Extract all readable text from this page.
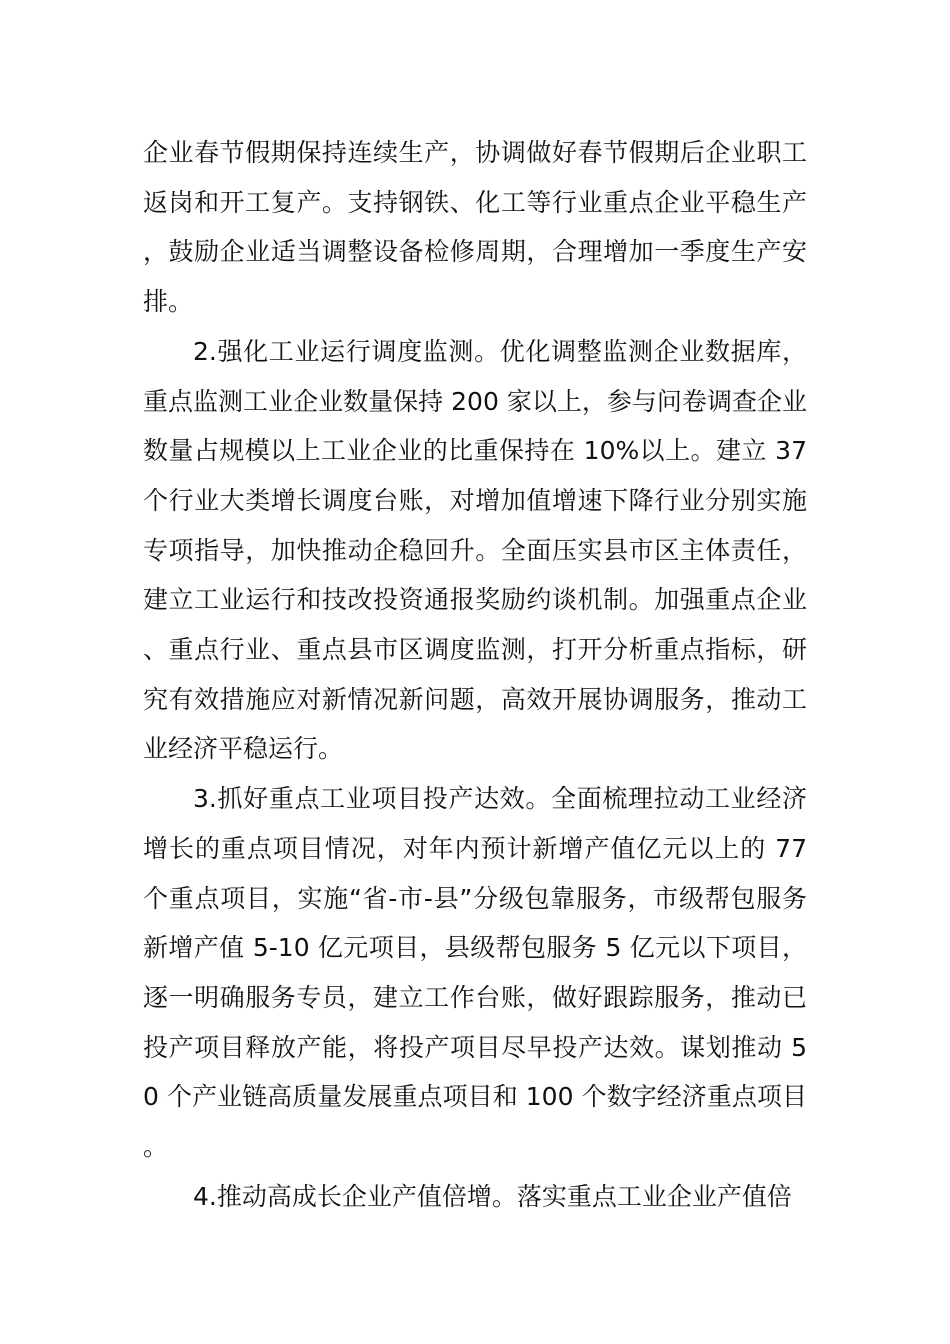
企业春节假期保持连续生产，协调做好春节假期后企业职工返岗和开工复产。支持钢铁、化工等行业重点企业平稳生产，鼓励企业适当调整设备检修周期，合理增加一季度生产安排。

2.强化工业运行调度监测。优化调整监测企业数据库，重点监测工业企业数量保持 200 家以上，参与问卷调查企业数量占规模以上工业企业的比重保持在 10%以上。建立 37 个行业大类增长调度台账，对增加值增速下降行业分别实施专项指导，加快推动企稳回升。全面压实县市区主体责任，建立工业运行和技改投资通报奖励约谈机制。加强重点企业、重点行业、重点县市区调度监测，打开分析重点指标，研究有效措施应对新情况新问题，高效开展协调服务，推动工业经济平稳运行。

3.抓好重点工业项目投产达效。全面梳理拉动工业经济增长的重点项目情况，对年内预计新增产值亿元以上的 77 个重点项目，实施“省-市-县”分级包靠服务，市级帮包服务新增产值 5-10 亿元项目，县级帮包服务 5 亿元以下项目，逐一明确服务专员，建立工作台账，做好跟踪服务，推动已投产项目释放产能，将投产项目尽早投产达效。谋划推动 50 个产业链高质量发展重点项目和 100 个数字经济重点项目。

4.推动高成长企业产值倍增。落实重点工业企业产值倍
